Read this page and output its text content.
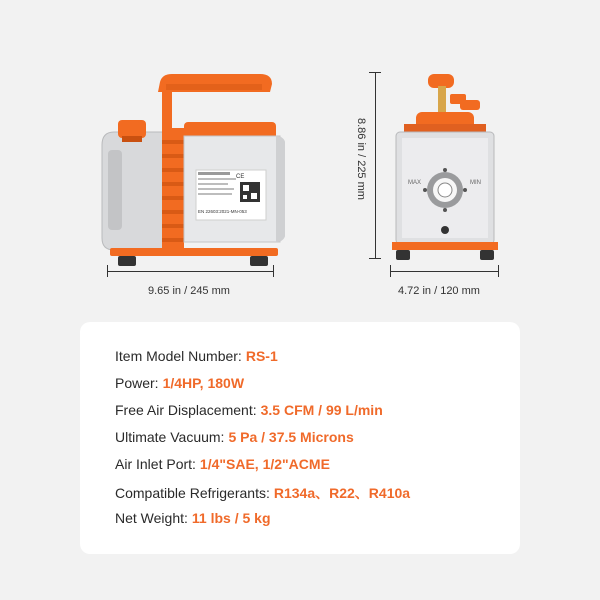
CE
EN 22603:2021-MN-053
MAX	MIN
9.65 in / 245 mm	4.72 in / 120 mm
8.86 in / 225 mm
Item Model Number: RS-1
Power: 1/4HP, 180W
Free Air Displacement: 3.5 CFM / 99 L/min
Ultimate Vacuum: 5 Pa / 37.5 Microns
Air Inlet Port: 1/4"SAE, 1/2"ACME
Compatible Refrigerants: R134a、R22、R410a
Net Weight: 11 lbs / 5 kg
